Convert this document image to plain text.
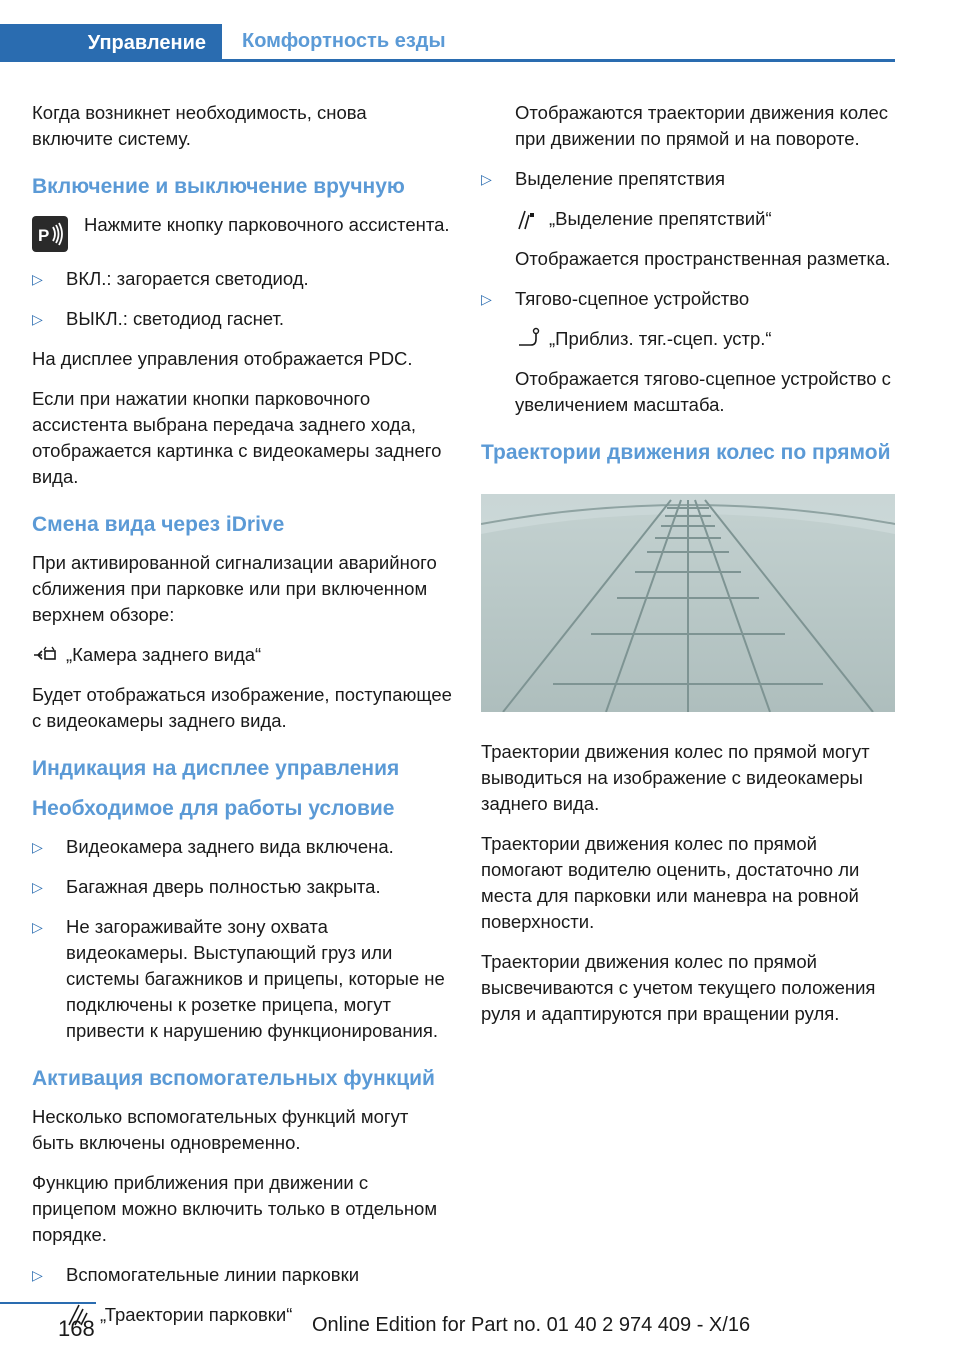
Управление	Комфортность езды

Когда возникнет необходимость, снова включите систему.

Включение и выключение вручную
P
Нажмите кнопку парковочного ассистента.
▷ ВКЛ.: загорается светодиод.
▷ ВЫКЛ.: светодиод гаснет.

На дисплее управления отображается PDC.

Если при нажатии кнопки парковочного ассистента выбрана передача заднего хода, отображается картинка с видеокамеры заднего вида.

Смена вида через iDrive

При активированной сигнализации аварийного сближения при парковке или при включенном верхнем обзоре:

„Камера заднего вида“

Будет отображаться изображение, поступающее с видеокамеры заднего вида.

Индикация на дисплее управления
Необходимое для работы условие
▷ Видеокамера заднего вида включена.
▷ Багажная дверь полностью закрыта.
▷ Не загораживайте зону охвата видеокамеры. Выступающий груз или системы багажников и прицепы, которые не подключены к розетке прицепа, могут привести к нарушению функционирования.
Активация вспомогательных функций

Несколько вспомогательных функций могут быть включены одновременно.

Функцию приближения при движении с прицепом можно включить только в отдельном порядке.

▷ Вспомогательные линии парковки
„Траектории парковки“

Отображаются траектории движения колес при движении по прямой и на повороте.

▷ Выделение препятствия
„Выделение препятствий“

Отображается пространственная разметка.

▷ Тягово-сцепное устройство
„Приблиз. тяг.-сцеп. устр.“

Отображается тягово-сцепное устройство с увеличением масштаба.

Траектории движения колес по прямой

Траектории движения колес по прямой могут выводиться на изображение с видеокамеры заднего вида.

Траектории движения колес по прямой помогают водителю оценить, достаточно ли места для парковки или маневра на ровной поверхности.

Траектории движения колес по прямой высвечиваются с учетом текущего положения руля и адаптируются при вращении руля.

168	Online Edition for Part no. 01 40 2 974 409 - X/16
